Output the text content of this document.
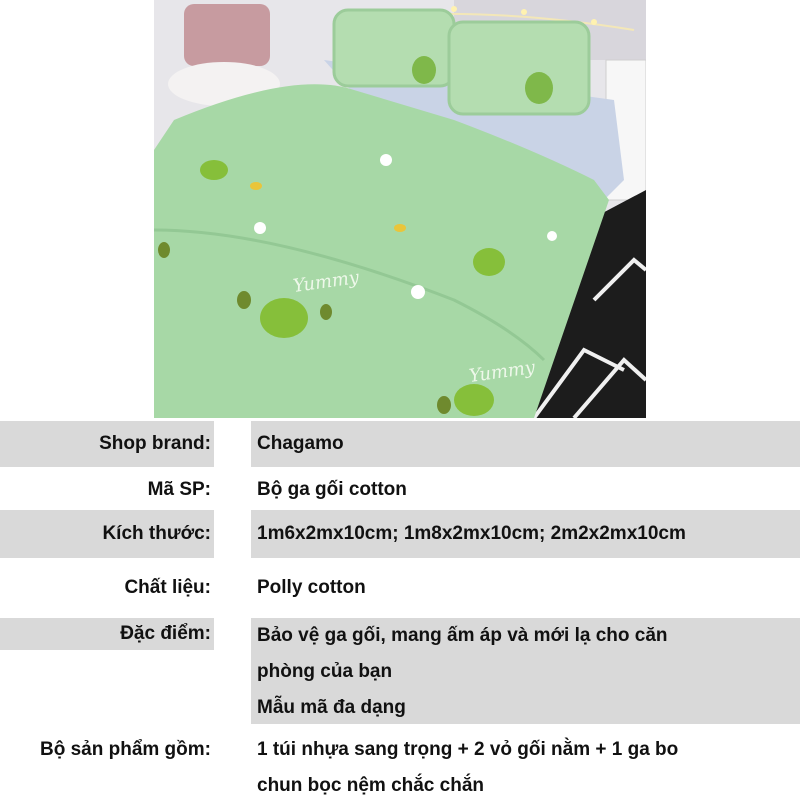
Yummy
Yummy
Shop brand: Chagamo
Mã SP: Bộ ga gối cotton
Kích thước: 1m6x2mx10cm; 1m8x2mx10cm; 2m2x2mx10cm
Chất liệu: Polly cotton
Đặc điểm: Bảo vệ ga gối, mang ấm áp và mới lạ cho căn
phòng của bạn
Mẫu mã đa dạng
Bộ sản phẩm gồm: 1 túi nhựa sang trọng + 2 vỏ gối nằm + 1 ga bo
chun bọc nệm chắc chắn
